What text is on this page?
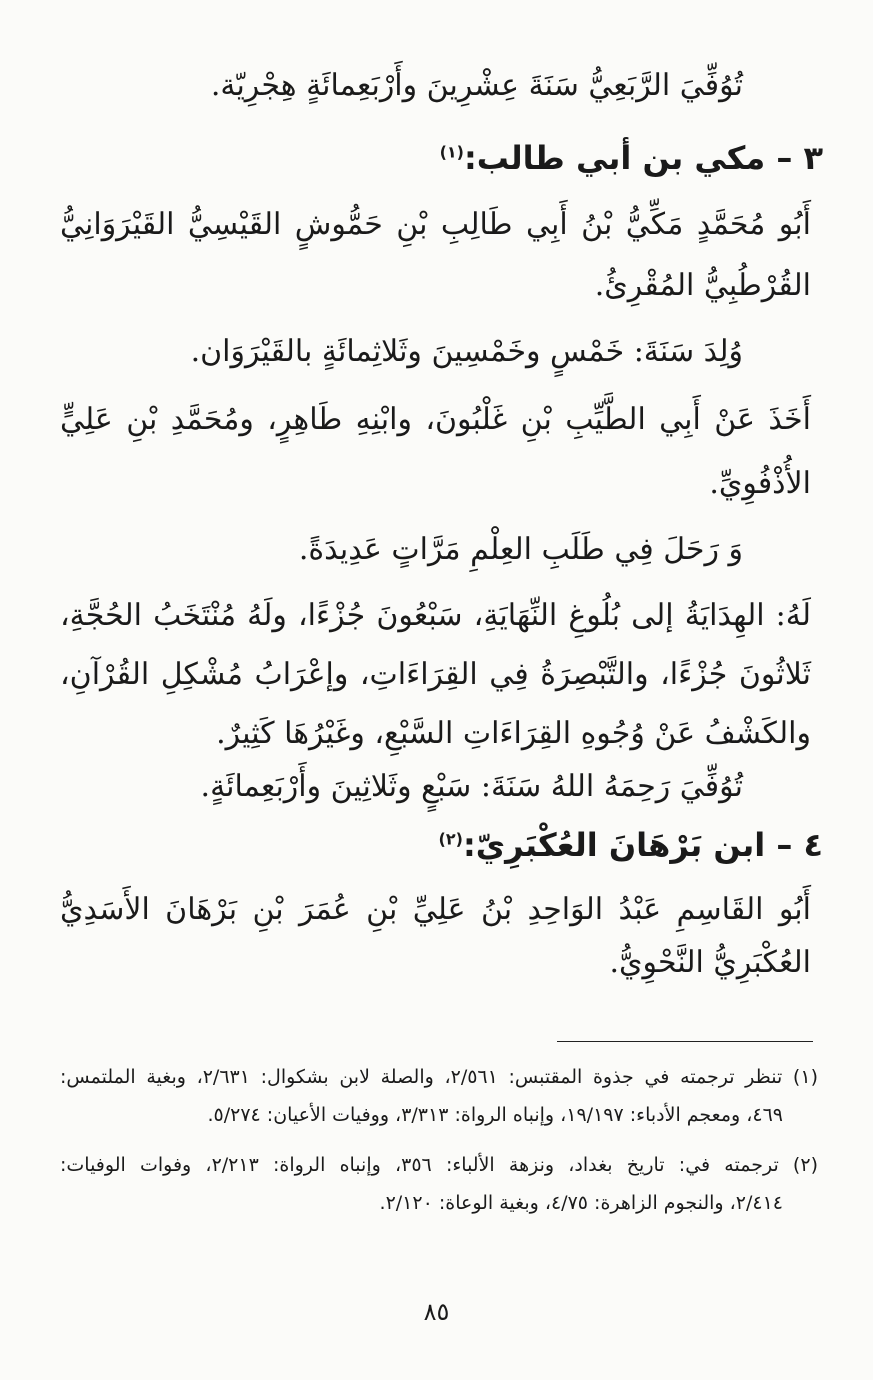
تُوُفِّيَ الرَّبَعِيُّ سَنَةَ عِشْرِينَ وأَرْبَعِمائَةٍ هِجْرِيّة.
٣ – مكي بن أبي طالب:$^{(١)}$
أَبُو مُحَمَّدٍ مَكِّيُّ بْنُ أَبِي طَالِبِ بْنِ حَمُّوشٍ القَيْسِيُّ القَيْرَوَانِيُّ
القُرْطُبِيُّ المُقْرِئُ.
وُلِدَ سَنَةَ: خَمْسٍ وخَمْسِينَ وثَلاثِمائَةٍ بالقَيْرَوَان.
أَخَذَ عَنْ أَبِي الطَّيِّبِ بْنِ غَلْبُونَ، وابْنِهِ طَاهِرٍ، ومُحَمَّدِ بْنِ عَلِيٍّ
الأُذْفُوِيِّ.
وَ رَحَلَ فِي طَلَبِ العِلْمِ مَرَّاتٍ عَدِيدَةً.
لَهُ: الهِدَايَةُ إلى بُلُوغِ النِّهَايَةِ، سَبْعُونَ جُزْءًا، ولَهُ مُنْتَخَبُ الحُجَّةِ،
ثَلاثُونَ جُزْءًا، والتَّبْصِرَةُ فِي القِرَاءَاتِ، وإعْرَابُ مُشْكِلِ القُرْآنِ،
والكَشْفُ عَنْ وُجُوهِ القِرَاءَاتِ السَّبْعِ، وغَيْرُهَا كَثِيرٌ.
تُوُفِّيَ رَحِمَهُ اللهُ سَنَةَ: سَبْعٍ وثَلاثِينَ وأَرْبَعِمائَةٍ.
٤ – ابن بَرْهَانَ العُكْبَرِيّ:$^{(٢)}$
أَبُو القَاسِمِ عَبْدُ الوَاحِدِ بْنُ عَلِيِّ بْنِ عُمَرَ بْنِ بَرْهَانَ الأَسَدِيُّ
العُكْبَرِيُّ النَّحْوِيُّ.
(١) تنظر ترجمته في جذوة المقتبس: ٢/٥٦١، والصلة لابن بشكوال: ٢/٦٣١، وبغية الملتمس:
٤٦٩، ومعجم الأدباء: ١٩/١٩٧، وإنباه الرواة: ٣/٣١٣، ووفيات الأعيان: ٥/٢٧٤.
(٢) ترجمته في: تاريخ بغداد، ونزهة الألباء: ٣٥٦، وإنباه الرواة: ٢/٢١٣، وفوات الوفيات:
٢/٤١٤، والنجوم الزاهرة: ٤/٧٥، وبغية الوعاة: ٢/١٢٠.
٨٥
